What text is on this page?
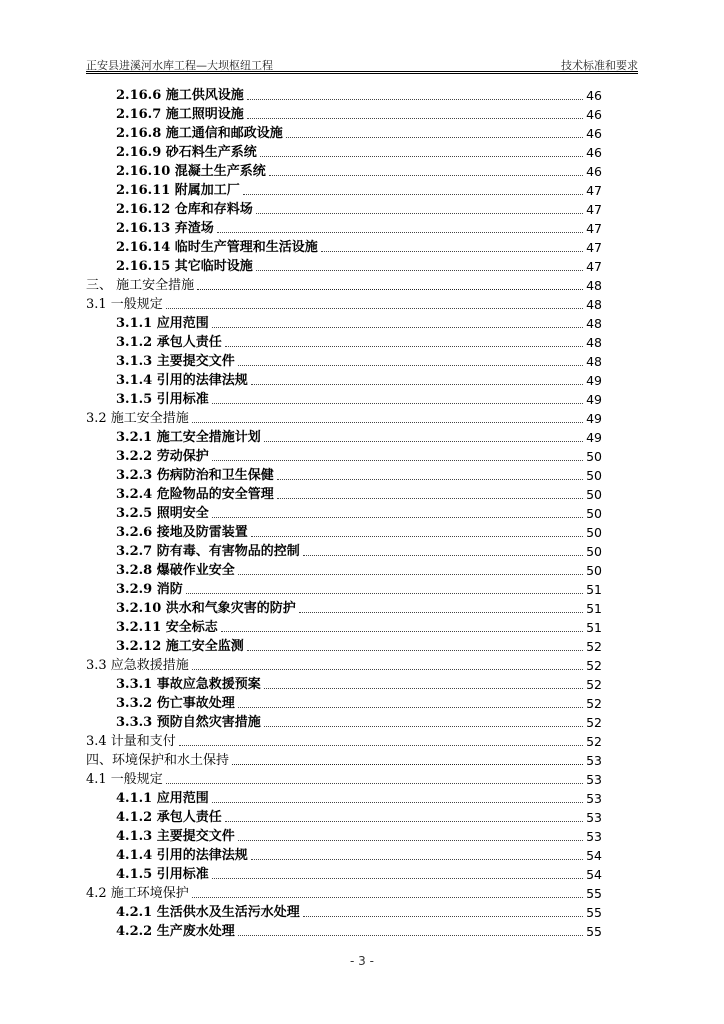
正安县进溪河水库工程—大坝枢纽工程	技术标准和要求
2.16.6 施工供风设施	46
2.16.7 施工照明设施	46
2.16.8 施工通信和邮政设施	46
2.16.9 砂石料生产系统	46
2.16.10 混凝土生产系统	46
2.16.11 附属加工厂	47
2.16.12 仓库和存料场	47
2.16.13 弃渣场	47
2.16.14 临时生产管理和生活设施	47
2.16.15 其它临时设施	47
三、 施工安全措施	48
3.1 一般规定	48
3.1.1 应用范围	48
3.1.2 承包人责任	48
3.1.3 主要提交文件	48
3.1.4 引用的法律法规	49
3.1.5 引用标准	49
3.2 施工安全措施	49
3.2.1 施工安全措施计划	49
3.2.2 劳动保护	50
3.2.3 伤病防治和卫生保健	50
3.2.4 危险物品的安全管理	50
3.2.5 照明安全	50
3.2.6 接地及防雷装置	50
3.2.7 防有毒、有害物品的控制	50
3.2.8 爆破作业安全	50
3.2.9 消防	51
3.2.10 洪水和气象灾害的防护	51
3.2.11 安全标志	51
3.2.12 施工安全监测	52
3.3 应急救援措施	52
3.3.1 事故应急救援预案	52
3.3.2 伤亡事故处理	52
3.3.3 预防自然灾害措施	52
3.4 计量和支付	52
四、环境保护和水土保持	53
4.1 一般规定	53
4.1.1 应用范围	53
4.1.2 承包人责任	53
4.1.3 主要提交文件	53
4.1.4 引用的法律法规	54
4.1.5 引用标准	54
4.2 施工环境保护	55
4.2.1 生活供水及生活污水处理	55
4.2.2 生产废水处理	55
- 3 -
